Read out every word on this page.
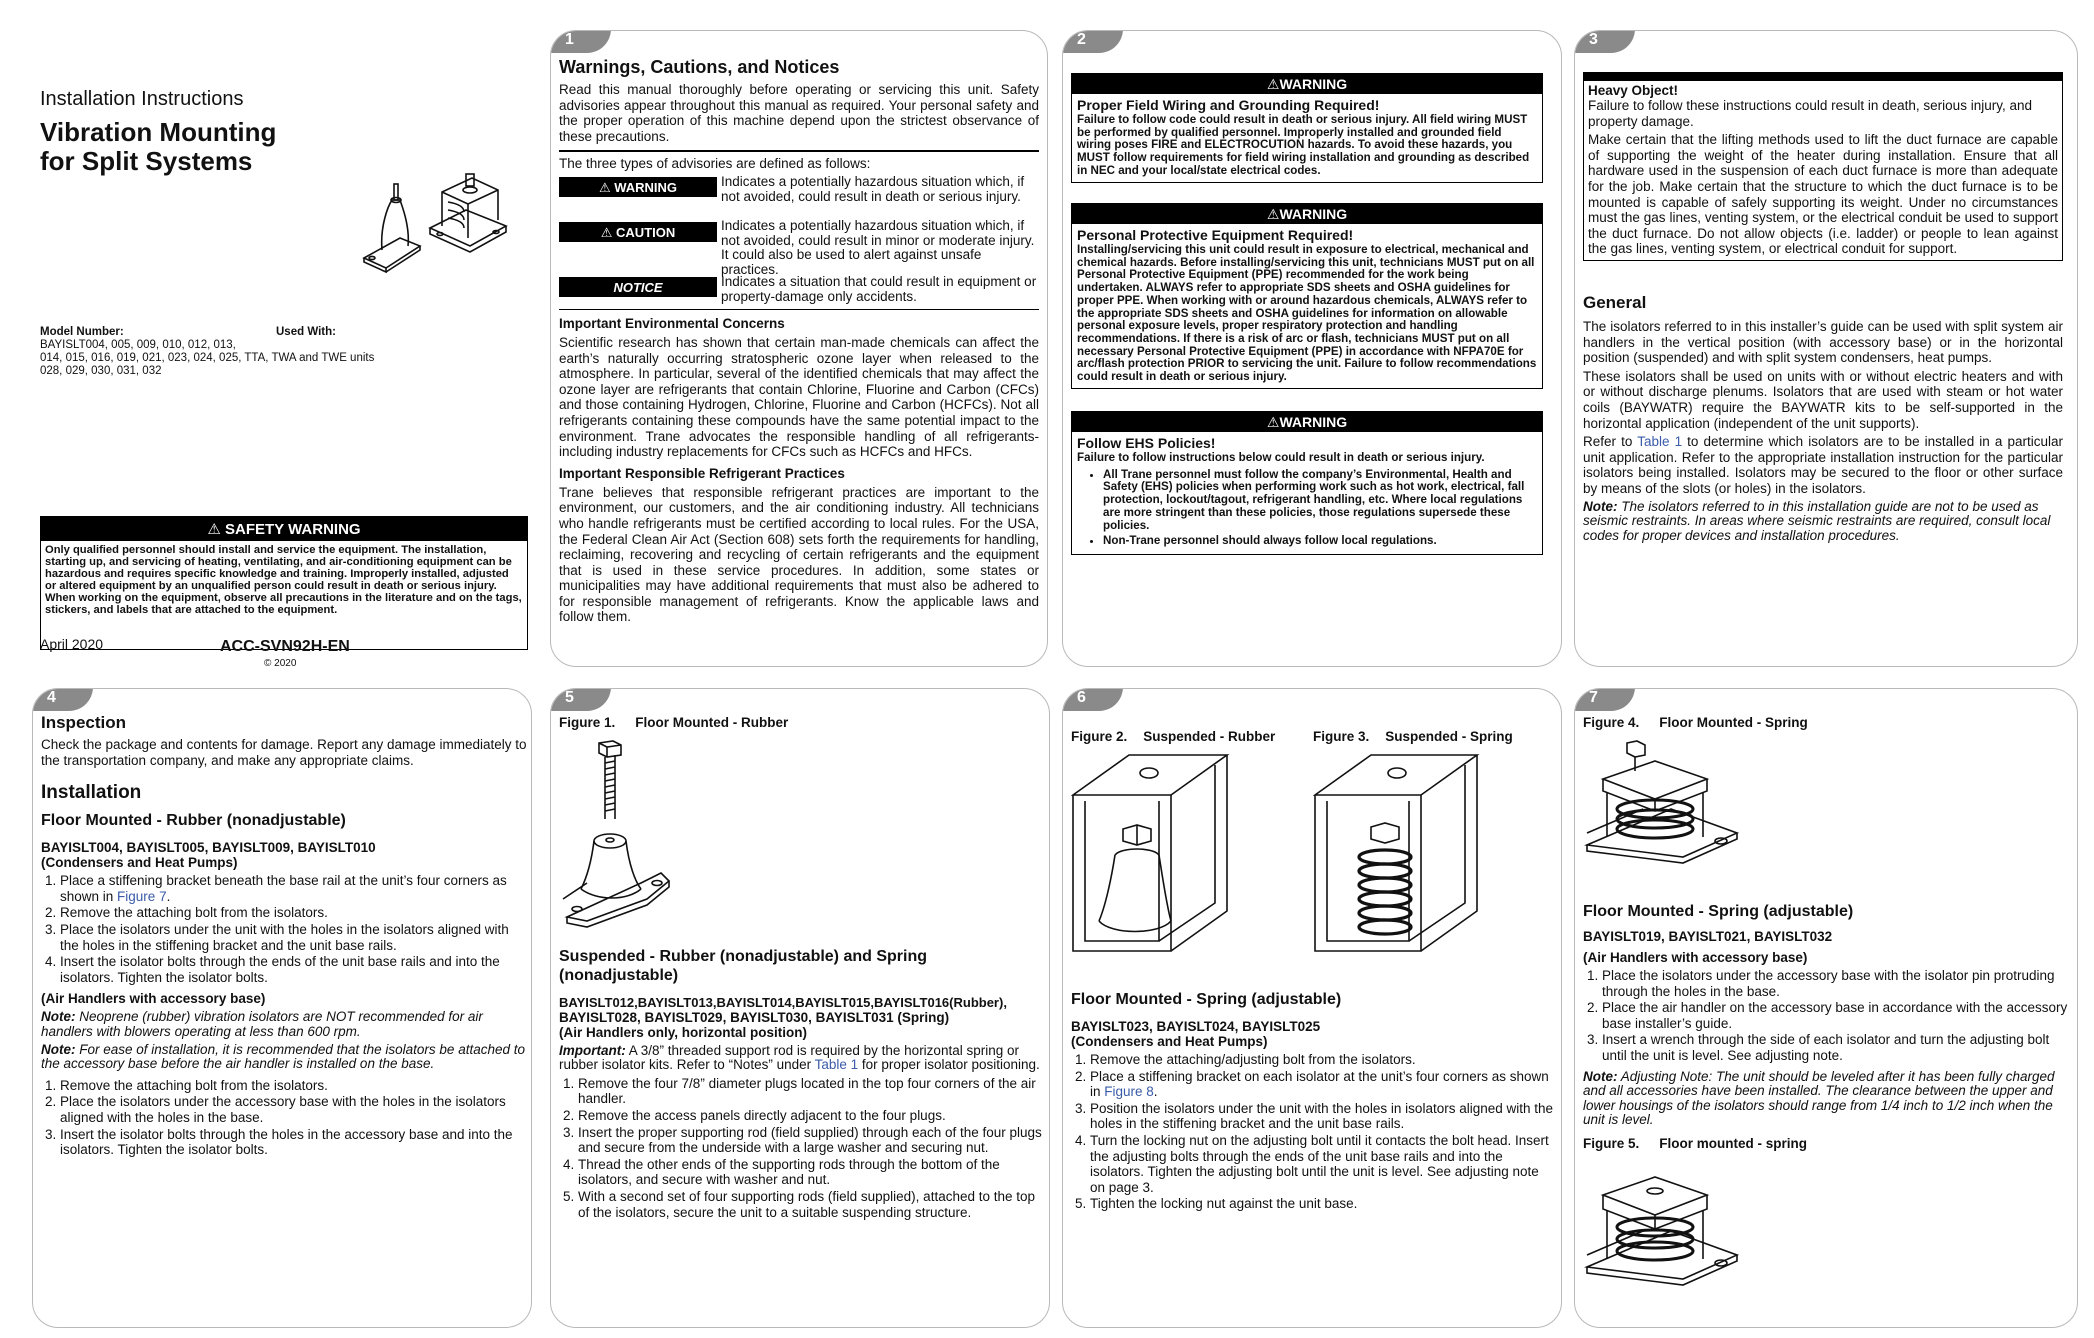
Installation Instructions
Vibration Mounting
for Split Systems
Model Number:	Used With:
BAYISLT004, 005, 009, 010, 012, 013,
014, 015, 016, 019, 021, 023, 024, 025, TTA, TWA and TWE units
028, 029, 030, 031, 032
⚠ SAFETY WARNING

Only qualified personnel should install and service the equipment. The installation, starting up, and servicing of heating, ventilating, and air-conditioning equipment can be hazardous and requires specific knowledge and training. Improperly installed, adjusted or altered equipment by an unqualified person could result in death or serious injury. When working on the equipment, observe all precautions in the literature and on the tags, stickers, and labels that are attached to the equipment.

April 2020	ACC-SVN92H-EN
© 2020
1
Warnings, Cautions, and Notices

Read this manual thoroughly before operating or servicing this unit. Safety advisories appear throughout this manual as required. Your personal safety and the proper operation of this machine depend upon the strictest observance of these precautions.

The three types of advisories are defined as follows:

⚠ WARNING	Indicates a potentially hazardous situation which, if not avoided, could result in death or serious injury.
⚠ CAUTION	Indicates a potentially hazardous situation which, if not avoided, could result in minor or moderate injury. It could also be used to alert against unsafe practices.
NOTICE	Indicates a situation that could result in equipment or property-damage only accidents.
Important Environmental Concerns

Scientific research has shown that certain man-made chemicals can affect the earth’s naturally occurring stratospheric ozone layer when released to the atmosphere. In particular, several of the identified chemicals that may affect the ozone layer are refrigerants that contain Chlorine, Fluorine and Carbon (CFCs) and those containing Hydrogen, Chlorine, Fluorine and Carbon (HCFCs). Not all refrigerants containing these compounds have the same potential impact to the environment. Trane advocates the responsible handling of all refrigerants-including industry replacements for CFCs such as HCFCs and HFCs.

Important Responsible Refrigerant Practices

Trane believes that responsible refrigerant practices are important to the environment, our customers, and the air conditioning industry. All technicians who handle refrigerants must be certified according to local rules. For the USA, the Federal Clean Air Act (Section 608) sets forth the requirements for handling, reclaiming, recovering and recycling of certain refrigerants and the equipment that is used in these service procedures. In addition, some states or municipalities may have additional requirements that must also be adhered to for responsible management of refrigerants. Know the applicable laws and follow them.

2
⚠WARNING
Proper Field Wiring and Grounding Required!

Failure to follow code could result in death or serious injury. All field wiring MUST be performed by qualified personnel. Improperly installed and grounded field wiring poses FIRE and ELECTROCUTION hazards. To avoid these hazards, you MUST follow requirements for field wiring installation and grounding as described in NEC and your local/state electrical codes.

⚠WARNING
Personal Protective Equipment Required!

Installing/servicing this unit could result in exposure to electrical, mechanical and chemical hazards. Before installing/servicing this unit, technicians MUST put on all Personal Protective Equipment (PPE) recommended for the work being undertaken. ALWAYS refer to appropriate SDS sheets and OSHA guidelines for proper PPE. When working with or around hazardous chemicals, ALWAYS refer to the appropriate SDS sheets and OSHA guidelines for information on allowable personal exposure levels, proper respiratory protection and handling recommendations. If there is a risk of arc or flash, technicians MUST put on all necessary Personal Protective Equipment (PPE) in accordance with NFPA70E for arc/flash protection PRIOR to servicing the unit. Failure to follow recommendations could result in death or serious injury.

⚠WARNING
Follow EHS Policies!

Failure to follow instructions below could result in death or serious injury.

• All Trane personnel must follow the company’s Environmental, Health and Safety (EHS) policies when performing work such as hot work, electrical, fall protection, lockout/tagout, refrigerant handling, etc. Where local regulations are more stringent than these policies, those regulations supersede these policies.
• Non-Trane personnel should always follow local regulations.
3
Heavy Object!

Failure to follow these instructions could result in death, serious injury, and property damage.

Make certain that the lifting methods used to lift the duct furnace are capable of supporting the weight of the heater during installation. Ensure that all hardware used in the suspension of each duct furnace is more than adequate for the job. Make certain that the structure to which the duct furnace is to be mounted is capable of safely supporting its weight. Under no circumstances must the gas lines, venting system, or the electrical conduit be used to support the duct furnace. Do not allow objects (i.e. ladder) or people to lean against the gas lines, venting system, or electrical conduit for support.

General

The isolators referred to in this installer’s guide can be used with split system air handlers in the vertical position (with accessory base) or in the horizontal position (suspended) and with split system condensers, heat pumps.

These isolators shall be used on units with or without electric heaters and with or without discharge plenums. Isolators that are used with steam or hot water coils (BAYWATR) require the BAYWATR kits to be self-supported in the horizontal application (independent of the unit supports).

Refer to Table 1 to determine which isolators are to be installed in a particular unit application. Refer to the appropriate installation instruction for the particular isolators being installed. Isolators may be secured to the floor or other surface by means of the slots (or holes) in the isolators.

Note: The isolators referred to in this installation guide are not to be used as seismic restraints. In areas where seismic restraints are required, consult local codes for proper devices and installation procedures.

4
Inspection

Check the package and contents for damage. Report any damage immediately to the transportation company, and make any appropriate claims.

Installation
Floor Mounted - Rubber (nonadjustable)
BAYISLT004, BAYISLT005, BAYISLT009, BAYISLT010
(Condensers and Heat Pumps)
1. Place a stiffening bracket beneath the base rail at the unit’s four corners as shown in Figure 7.
2. Remove the attaching bolt from the isolators.
3. Place the isolators under the unit with the holes in the isolators aligned with the holes in the stiffening bracket and the unit base rails.
4. Insert the isolator bolts through the ends of the unit base rails and into the isolators. Tighten the isolator bolts.
(Air Handlers with accessory base)

Note: Neoprene (rubber) vibration isolators are NOT recommended for air handlers with blowers operating at less than 600 rpm.

Note: For ease of installation, it is recommended that the isolators be attached to the accessory base before the air handler is installed on the base.

1. Remove the attaching bolt from the isolators.
2. Place the isolators under the accessory base with the holes in the isolators aligned with the holes in the base.
3. Insert the isolator bolts through the holes in the accessory base and into the isolators. Tighten the isolator bolts.
5
Figure 1. Floor Mounted - Rubber
Suspended - Rubber (nonadjustable) and Spring (nonadjustable)
BAYISLT012,BAYISLT013,BAYISLT014,BAYISLT015,BAYISLT016(Rubber),
BAYISLT028, BAYISLT029, BAYISLT030, BAYISLT031 (Spring)
(Air Handlers only, horizontal position)

Important: A 3/8” threaded support rod is required by the horizontal spring or rubber isolator kits. Refer to “Notes” under Table 1 for proper isolator positioning.

1. Remove the four 7/8” diameter plugs located in the top four corners of the air handler.
2. Remove the access panels directly adjacent to the four plugs.
3. Insert the proper supporting rod (field supplied) through each of the four plugs and secure from the underside with a large washer and securing nut.
4. Thread the other ends of the supporting rods through the bottom of the isolators, and secure with washer and nut.
5. With a second set of four supporting rods (field supplied), attached to the top of the isolators, secure the unit to a suitable suspending structure.
6
Figure 2. Suspended - Rubber	Figure 3. Suspended - Spring
Floor Mounted - Spring (adjustable)
BAYISLT023, BAYISLT024, BAYISLT025
(Condensers and Heat Pumps)
1. Remove the attaching/adjusting bolt from the isolators.
2. Place a stiffening bracket on each isolator at the unit’s four corners as shown in Figure 8.
3. Position the isolators under the unit with the holes in isolators aligned with the holes in the stiffening bracket and the unit base rails.
4. Turn the locking nut on the adjusting bolt until it contacts the bolt head. Insert the adjusting bolts through the ends of the unit base rails and into the isolators. Tighten the adjusting bolt until the unit is level. See adjusting note on page 3.
5. Tighten the locking nut against the unit base.
7
Figure 4. Floor Mounted - Spring
Floor Mounted - Spring (adjustable)
BAYISLT019, BAYISLT021, BAYISLT032
(Air Handlers with accessory base)
1. Place the isolators under the accessory base with the isolator pin protruding through the holes in the base.
2. Place the air handler on the accessory base in accordance with the accessory base installer’s guide.
3. Insert a wrench through the side of each isolator and turn the adjusting bolt until the unit is level. See adjusting note.

Note: Adjusting Note: The unit should be leveled after it has been fully charged and all accessories have been installed. The clearance between the upper and lower housings of the isolators should range from 1/4 inch to 1/2 inch when the unit is level.

Figure 5. Floor mounted - spring
